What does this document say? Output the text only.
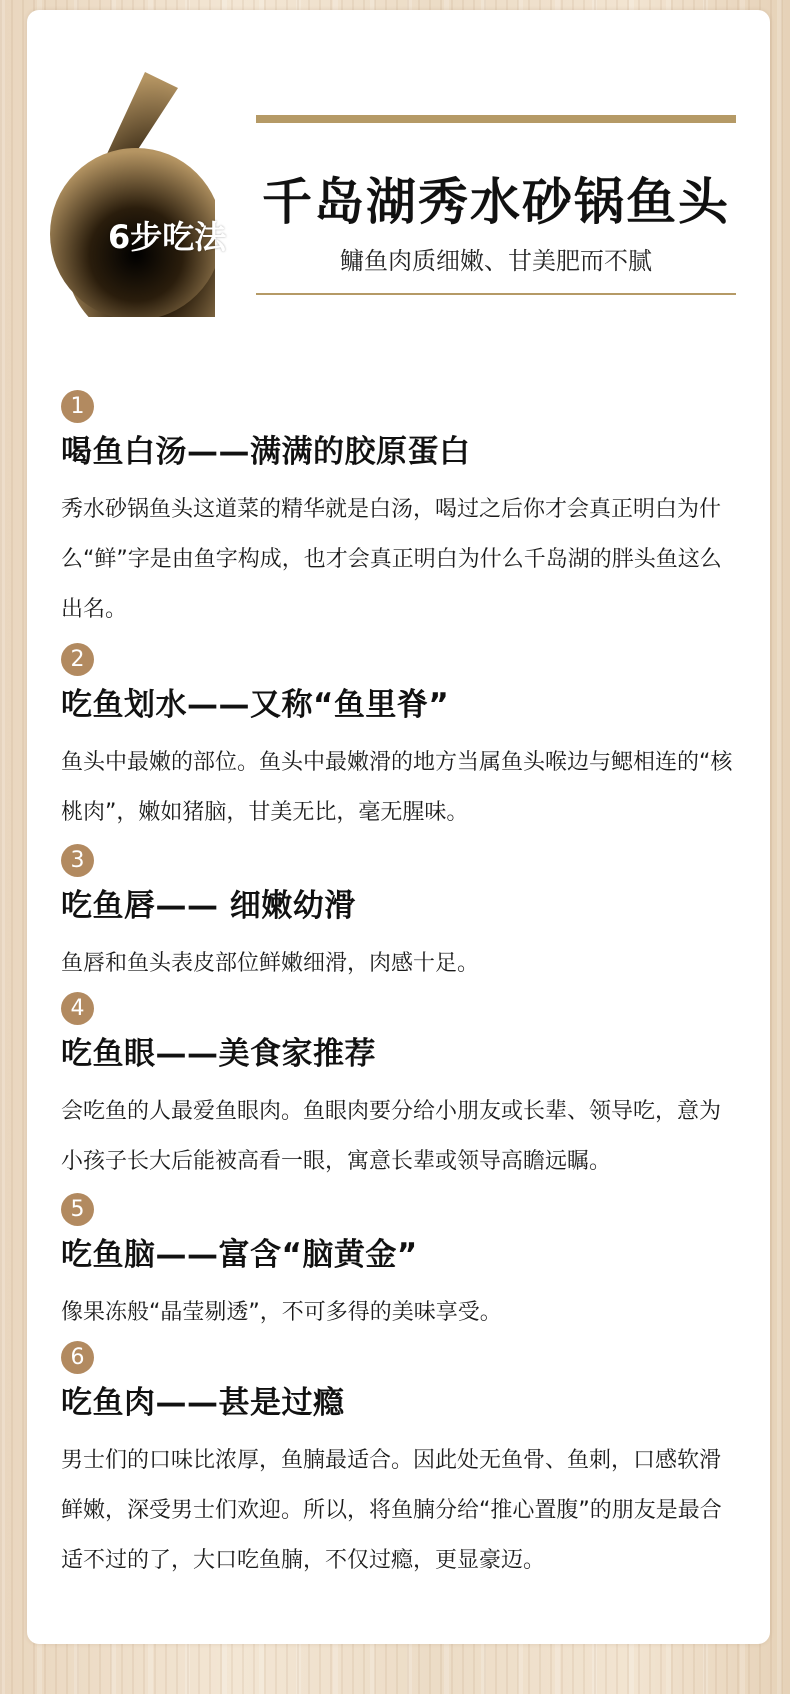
6步吃法
千岛湖秀水砂锅鱼头
鳙鱼肉质细嫩、甘美肥而不腻
1
喝鱼白汤——满满的胶原蛋白
秀水砂锅鱼头这道菜的精华就是白汤，喝过之后你才会真正明白为什么“鲜”字是由鱼字构成，也才会真正明白为什么千岛湖的胖头鱼这么出名。
2
吃鱼划水——又称“鱼里脊”
鱼头中最嫩的部位。鱼头中最嫩滑的地方当属鱼头喉边与鳃相连的“核桃肉”，嫩如猪脑，甘美无比，毫无腥味。
3
吃鱼唇—— 细嫩幼滑
鱼唇和鱼头表皮部位鲜嫩细滑，肉感十足。
4
吃鱼眼——美食家推荐
会吃鱼的人最爱鱼眼肉。鱼眼肉要分给小朋友或长辈、领导吃，意为小孩子长大后能被高看一眼，寓意长辈或领导高瞻远瞩。
5
吃鱼脑——富含“脑黄金”
像果冻般“晶莹剔透”，不可多得的美味享受。
6
吃鱼肉——甚是过瘾
男士们的口味比浓厚，鱼腩最适合。因此处无鱼骨、鱼刺，口感软滑鲜嫩，深受男士们欢迎。所以，将鱼腩分给“推心置腹”的朋友是最合适不过的了，大口吃鱼腩，不仅过瘾，更显豪迈。
